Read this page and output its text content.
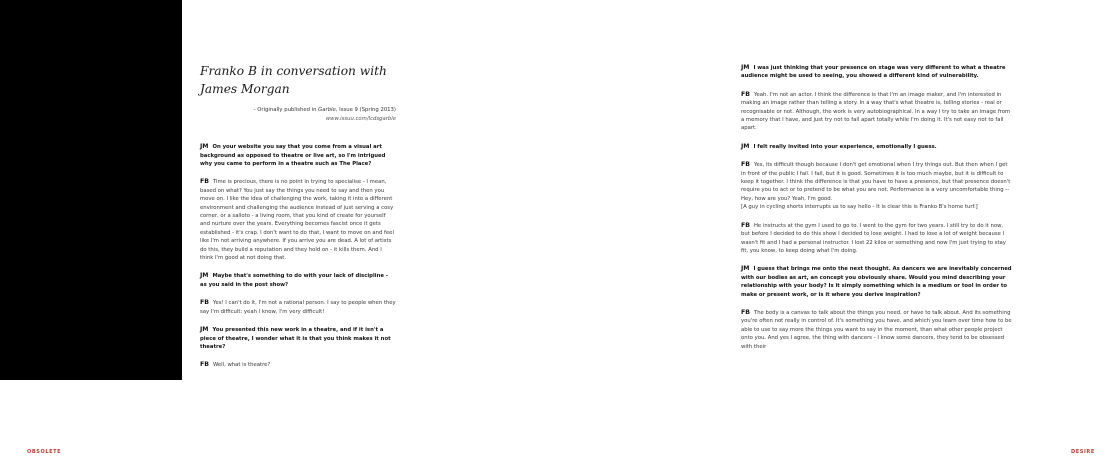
Franko B in conversation with James Morgan
- Originally published in Garble, Issue 9 (Spring 2013)
www.issuu.com/lcdsgarble

JM On your website you say that you come from a visual art background as opposed to theatre or live art, so I'm intrigued why you came to perform in a theatre such as The Place?

FB Time is precious, there is no point in trying to specialise - I mean, based on what? You just say the things you need to say and then you move on. I like the idea of challenging the work, taking it into a different environment and challenging the audience instead of just serving a cosy corner, or a salloto - a living room, that you kind of create for yourself and nurture over the years. Everything becomes fascist once it gets established - it's crap. I don't want to do that, I want to move on and feel like I'm not arriving anywhere. If you arrive you are dead. A lot of artists do this, they build a reputation and they hold on - it kills them. And I think I'm good at not doing that.

JM Maybe that's something to do with your lack of discipline - as you said in the post show?

FB Yes! I can't do it, I'm not a rational person. I say to people when they say I'm difficult: yeah I know, I'm very difficult!

JM You presented this new work in a theatre, and if it isn't a piece of theatre, I wonder what it is that you think makes it not theatre?

FB Well, what is theatre?

JM I was just thinking that your presence on stage was very different to what a theatre audience might be used to seeing, you showed a different kind of vulnerability.

FB Yeah. I'm not an actor. I think the difference is that I'm an image maker, and I'm interested in making an image rather than telling a story. In a way that's what theatre is, telling stories - real or recognisable or not. Although, the work is very autobiographical. In a way I try to take an image from a memory that I have, and just try not to fall apart totally while I'm doing it. It's not easy not to fall apart.

JM I felt really invited into your experience, emotionally I guess.

FB Yes, its difficult though because I don't get emotional when I try things out. But then when I get in front of the public I fail. I fail, but it is good. Sometimes it is too much maybe, but it is difficult to keep it together. I think the difference is that you have to have a presence, but that presence doesn't require you to act or to pretend to be what you are not. Performance is a very uncomfortable thing -- Hey, how are you? Yeah, I'm good.
[A guy in cycling shorts interrupts us to say hello - It is clear this is Franko B's home turf.]

FB He instructs at the gym I used to go to. I went to the gym for two years. I still try to do it now, but before I decided to do this show I decided to lose weight. I had to lose a lot of weight because I wasn't fit and I had a personal instructor. I lost 22 kilos or something and now I'm just trying to stay fit, you know, to keep doing what I'm doing.

JM I guess that brings me onto the next thought. As dancers we are inevitably concerned with our bodies as art, an concept you obviously share. Would you mind describing your relationship with your body? Is it simply something which is a medium or tool in order to make or present work, or is it where you derive inspiration?

FB The body is a canvas to talk about the things you need, or have to talk about. And its something you're often not really in control of. It's something you have, and which you learn over time how to be able to use to say more the things you want to say in the moment, than what other people project onto you. And yes I agree, the thing with dancers - I know some dancers, they tend to be obsessed with their

OBSOLETE	DESIRE
